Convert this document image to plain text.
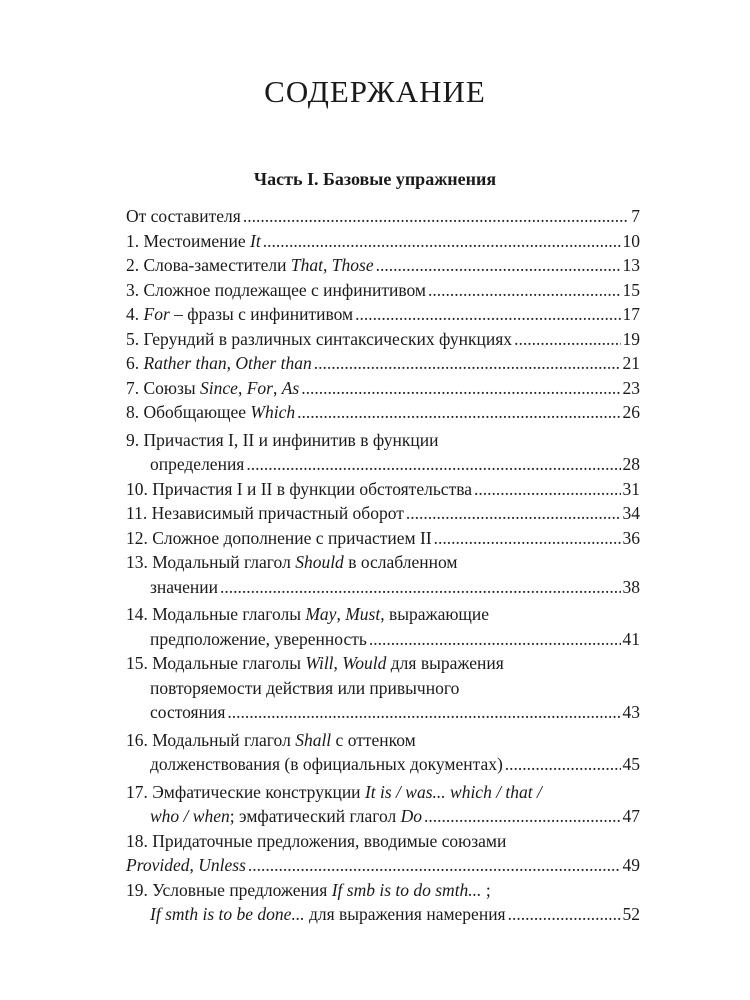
СОДЕРЖАНИЕ
Часть I. Базовые упражнения
От составителя .....	7
1. Местоимение It .....	10
2. Слова-заместители That, Those .....	13
3. Сложное подлежащее с инфинитивом .....	15
4. For – фразы с инфинитивом .....	17
5. Герундий в различных синтаксических функциях .....	19
6. Rather than, Other than .....	21
7. Союзы Since, For, As .....	23
8. Обобщающее Which .....	26
9. Причастия I, II и инфинитив в функции
определения .....	28
10. Причастия I и II в функции обстоятельства .....	31
11. Независимый причастный оборот .....	34
12. Сложное дополнение с причастием II .....	36
13. Модальный глагол Should в ослабленном
значении .....	38
14. Модальные глаголы May, Must, выражающие
предположение, уверенность .....	41
15. Модальные глаголы Will, Would для выражения
повторяемости действия или привычного
состояния .....	43
16. Модальный глагол Shall с оттенком
долженствования (в официальных документах) .....	45
17. Эмфатические конструкции It is / was... which / that /
who / when; эмфатический глагол Do .....	47
18. Придаточные предложения, вводимые союзами
Provided, Unless .....	49
19. Условные предложения If smb is to do smth... ;
If smth is to be done... для выражения намерения .....	52
